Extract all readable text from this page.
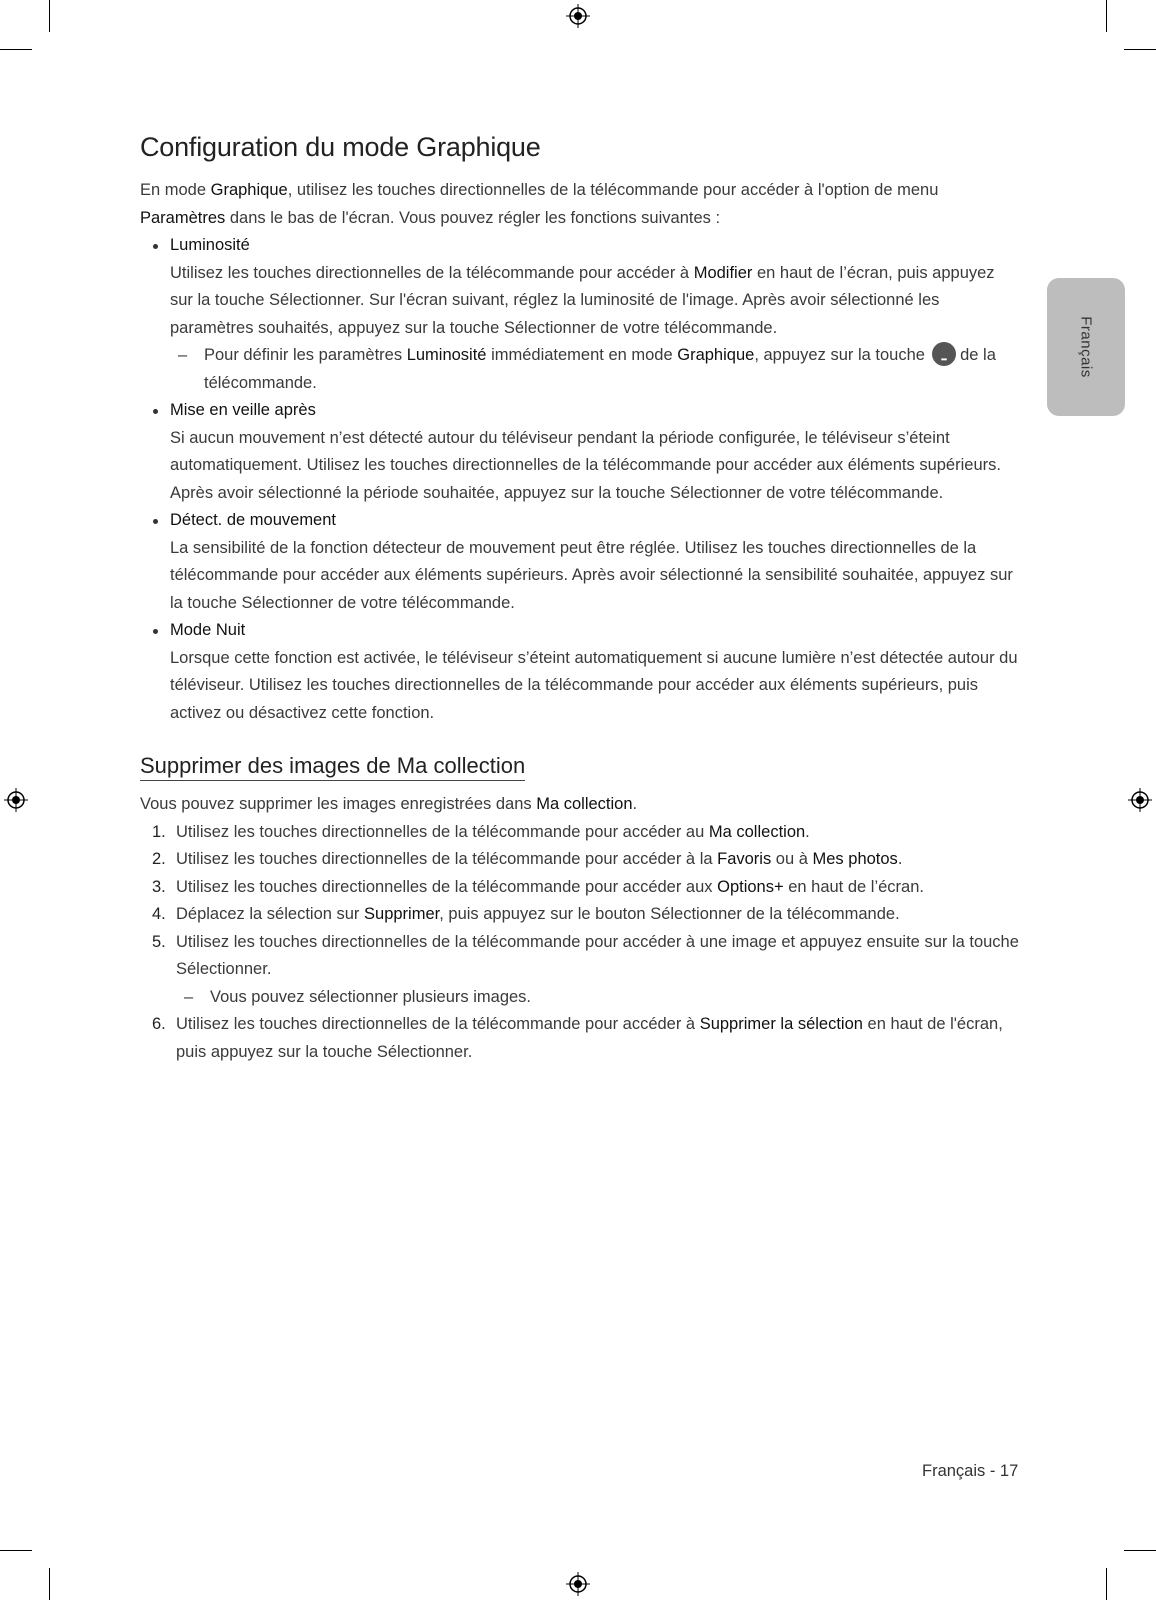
Français
Configuration du mode Graphique

En mode Graphique, utilisez les touches directionnelles de la télécommande pour accéder à l'option de menu Paramètres dans le bas de l'écran. Vous pouvez régler les fonctions suivantes :

Luminosité

Utilisez les touches directionnelles de la télécommande pour accéder à Modifier en haut de l’écran, puis appuyez sur la touche Sélectionner. Sur l'écran suivant, réglez la luminosité de l'image. Après avoir sélectionné les paramètres souhaités, appuyez sur la touche Sélectionner de votre télécommande.

– Pour définir les paramètres Luminosité immédiatement en mode Graphique, appuyez sur la touche ••• de la télécommande.

Mise en veille après

Si aucun mouvement n’est détecté autour du téléviseur pendant la période configurée, le téléviseur s’éteint automatiquement. Utilisez les touches directionnelles de la télécommande pour accéder aux éléments supérieurs. Après avoir sélectionné la période souhaitée, appuyez sur la touche Sélectionner de votre télécommande.

Détect. de mouvement

La sensibilité de la fonction détecteur de mouvement peut être réglée. Utilisez les touches directionnelles de la télécommande pour accéder aux éléments supérieurs. Après avoir sélectionné la sensibilité souhaitée, appuyez sur la touche Sélectionner de votre télécommande.

Mode Nuit

Lorsque cette fonction est activée, le téléviseur s’éteint automatiquement si aucune lumière n’est détectée autour du téléviseur. Utilisez les touches directionnelles de la télécommande pour accéder aux éléments supérieurs, puis activez ou désactivez cette fonction.

Supprimer des images de Ma collection

Vous pouvez supprimer les images enregistrées dans Ma collection.

1. Utilisez les touches directionnelles de la télécommande pour accéder au Ma collection.

2. Utilisez les touches directionnelles de la télécommande pour accéder à la Favoris ou à Mes photos.

3. Utilisez les touches directionnelles de la télécommande pour accéder aux Options+ en haut de l’écran.

4. Déplacez la sélection sur Supprimer, puis appuyez sur le bouton Sélectionner de la télécommande.

5. Utilisez les touches directionnelles de la télécommande pour accéder à une image et appuyez ensuite sur la touche Sélectionner.

– Vous pouvez sélectionner plusieurs images.

6. Utilisez les touches directionnelles de la télécommande pour accéder à Supprimer la sélection en haut de l'écran, puis appuyez sur la touche Sélectionner.

Français - 17
